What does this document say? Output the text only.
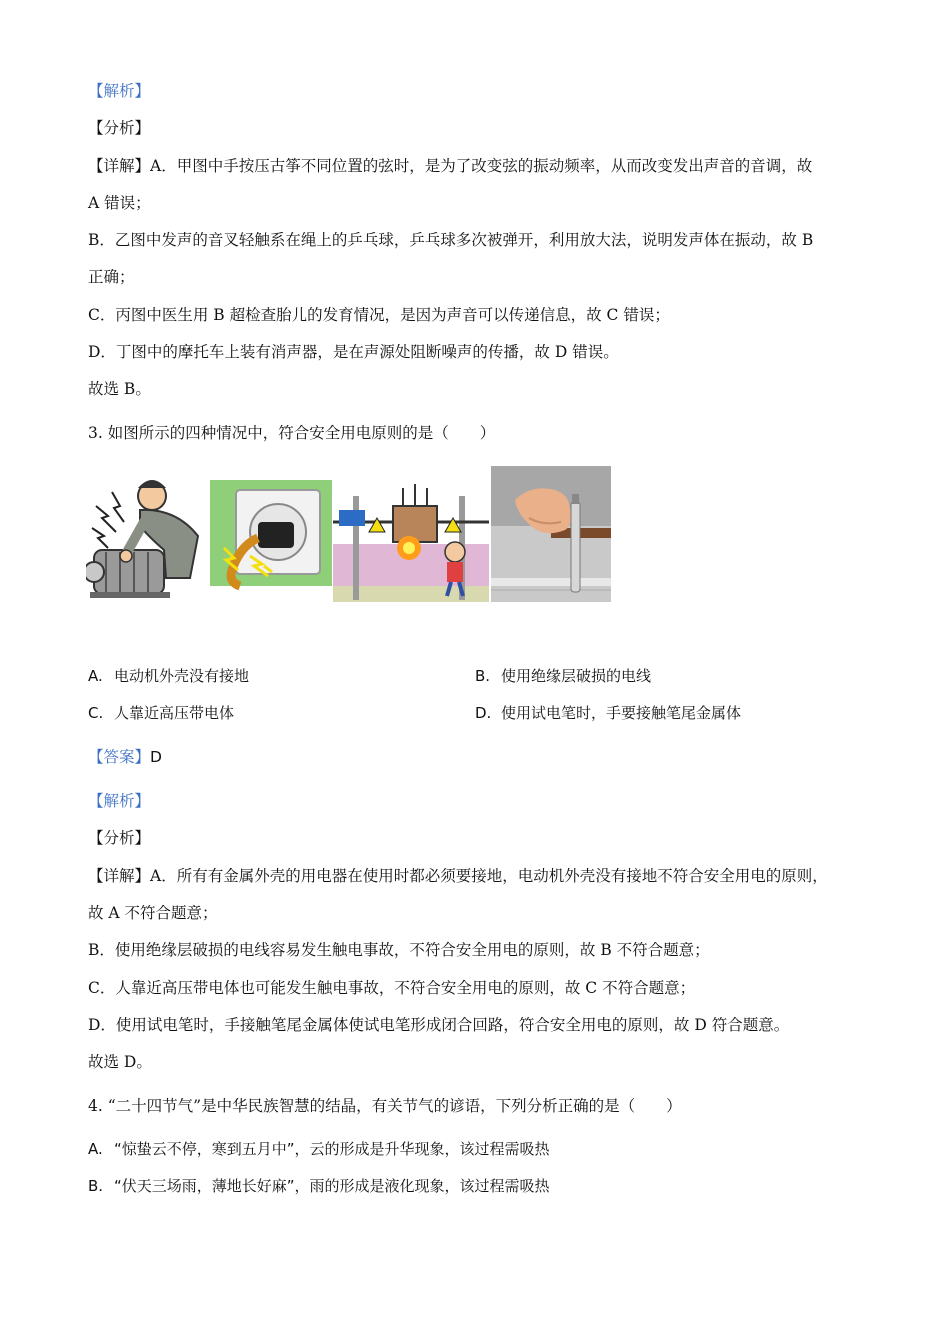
【解析】
【分析】
【详解】A．甲图中手按压古筝不同位置的弦时，是为了改变弦的振动频率，从而改变发出声音的音调，故
A 错误；
B．乙图中发声的音叉轻触系在绳上的乒乓球，乒乓球多次被弹开，利用放大法，说明发声体在振动，故 B
正确；
C．丙图中医生用 B 超检查胎儿的发育情况，是因为声音可以传递信息，故 C 错误；
D．丁图中的摩托车上装有消声器，是在声源处阻断噪声的传播，故 D 错误。
故选 B。
3. 如图所示的四种情况中，符合安全用电原则的是（　　）
A. 电动机外壳没有接地	B. 使用绝缘层破损的电线
C. 人靠近高压带电体	D. 使用试电笔时，手要接触笔尾金属体
【答案】D
【解析】
【分析】
【详解】A．所有有金属外壳的用电器在使用时都必须要接地，电动机外壳没有接地不符合安全用电的原则，
故 A 不符合题意；
B．使用绝缘层破损的电线容易发生触电事故，不符合安全用电的原则，故 B 不符合题意；
C．人靠近高压带电体也可能发生触电事故，不符合安全用电的原则，故 C 不符合题意；
D．使用试电笔时，手接触笔尾金属体使试电笔形成闭合回路，符合安全用电的原则，故 D 符合题意。
故选 D。
4. “二十四节气”是中华民族智慧的结晶，有关节气的谚语，下列分析正确的是（　　）
A. “惊蛰云不停，寒到五月中”，云的形成是升华现象，该过程需吸热
B. “伏天三场雨，薄地长好麻”，雨的形成是液化现象，该过程需吸热
